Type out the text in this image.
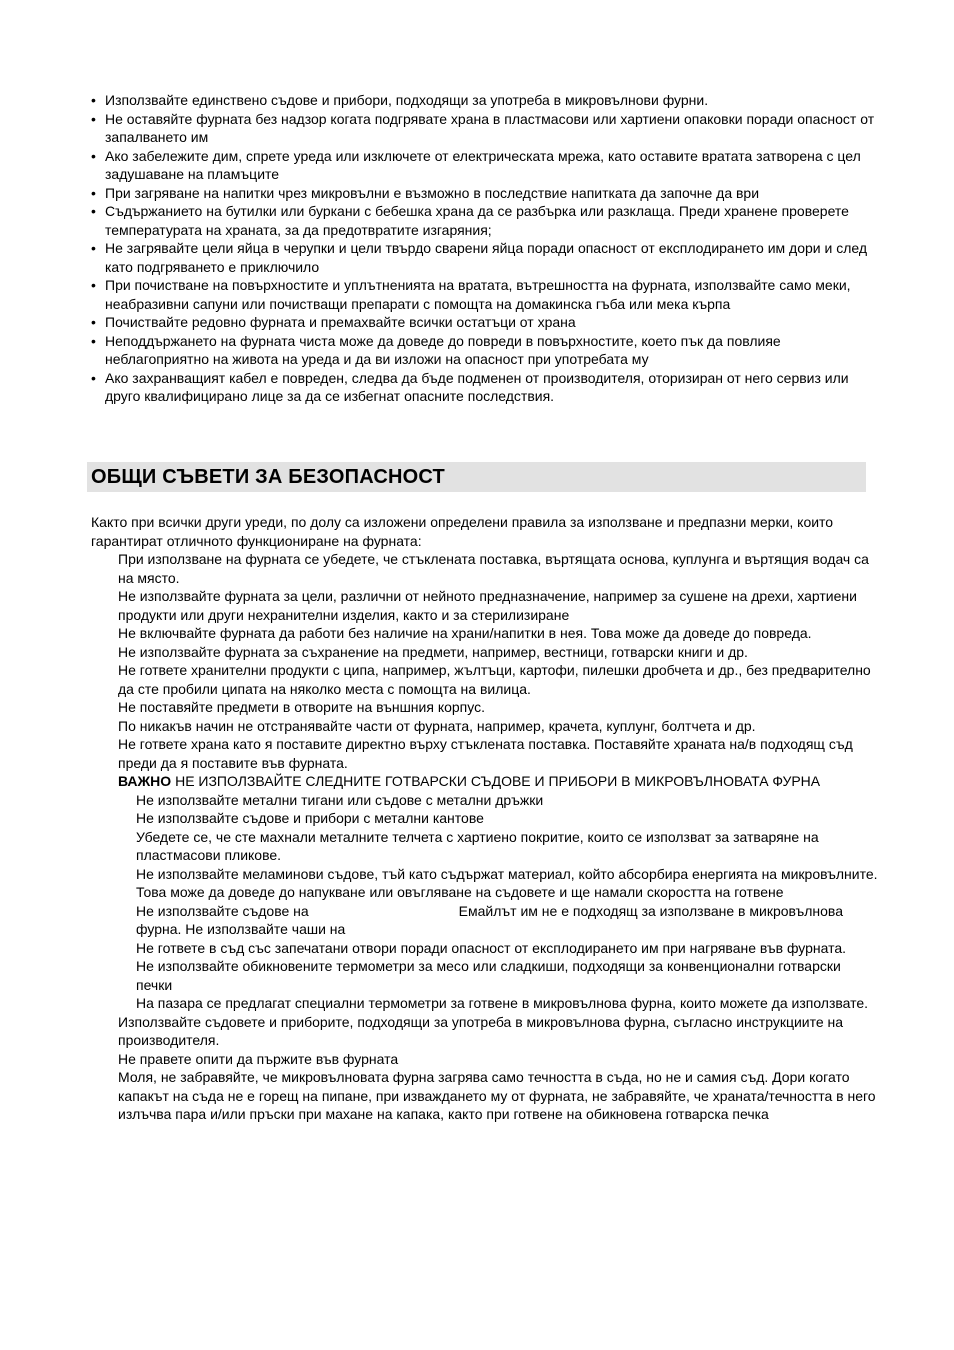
• Използвайте единствено съдове и прибори, подходящи за употреба в микровълнови фурни.
• Не оставяйте фурната без надзор когата подгрявате храна в пластмасови или хартиени опаковки поради опасност от запалването им
• Ако забележите дим, спрете уреда или изключете от електрическата мрежа, като оставите вратата затворена с цел задушаване на пламъците
• При загряване на напитки чрез микровълни е възможно в последствие напитката да започне да ври
• Съдържанието на бутилки или буркани с бебешка храна да се разбърка или разклаща. Преди хранене проверете температурата на храната, за да предотвратите изгаряния;
• Не загрявайте цели яйца в черупки и цели твърдо сварени яйца поради опасност от експлодирането им дори и след като подгряването е приключило
• При почистване на повърхностите и уплътненията на вратата, вътрешността на фурната, използвайте само меки, неабразивни сапуни или почистващи препарати с помощта на домакинска гъба или мека кърпа
• Почиствайте редовно фурната и премахвайте всички остатъци от храна
• Неподдържането на фурната чиста може да доведе до повреди в повърхностите, което пък да повлияе неблагоприятно на живота на уреда и да ви изложи на опасност при употребата му
• Ако захранващият кабел е повреден, следва да бъде подменен от производителя, оторизиран от него сервиз или друго квалифицирано лице за да се избегнат опасните последствия.
ОБЩИ СЪВЕТИ ЗА БЕЗОПАСНОСТ
Както при всички други уреди, по долу са изложени определени правила за използване и предпазни мерки, които гарантират отличното функциониране на фурната:

При използване на фурната се убедете, че стъклената поставка, въртящата основа, куплунга и въртящия водач са на място.

Не използвайте фурната за цели, различни от нейното предназначение, например за сушене на дрехи, хартиени продукти или други нехранителни изделия, както и за стерилизиране

Не включвайте фурната да работи без наличие на храни/напитки в нея. Това може да доведе до повреда.

Не използвайте фурната за съхранение на предмети, например, вестници, готварски книги и др.

Не гответе хранителни продукти с ципа, например, жълтъци, картофи, пилешки дробчета и др., без предварително да сте пробили ципата на няколко места с помощта на вилица.

Не поставяйте предмети в отворите на външния корпус.

По никакъв начин не отстранявайте части от фурната, например, крачета, куплунг, болтчета и др.

Не гответе храна като я поставите директно върху стъклената поставка. Поставяйте храната на/в подходящ съд преди да я поставите във фурната.

ВАЖНО НЕ ИЗПОЛЗВАЙТЕ СЛЕДНИТЕ ГОТВАРСКИ СЪДОВЕ И ПРИБОРИ В МИКРОВЪЛНОВАТА ФУРНА

Не използвайте метални тигани или съдове с метални дръжки

Не използвайте съдове и прибори с метални кантове

Убедете се, че сте махнали металните телчета с хартиено покритие, които се използват за затваряне на пластмасови пликове.

Не използвайте меламинови съдове, тъй като съдържат материал, който абсорбира енергията на микровълните. Това може да доведе до напукване или овъгляване на съдовете и ще намали скоростта на готвене

Не използвайте съдове на	Емайлът им не е подходящ за използване в микровълнова фурна. Не използвайте чаши на

Не гответе в съд със запечатани отвори поради опасност от експлодирането им при нагряване във фурната.

Не използвайте обикновените термометри за месо или сладкиши, подходящи за конвенционални готварски печки

На пазара се предлагат специални термометри за готвене в микровълнова фурна, които можете да използвате.

Използвайте съдовете и приборите, подходящи за употреба в микровълнова фурна, съгласно инструкциите на производителя.

Не правете опити да пържите във фурната

Моля, не забравяйте, че микровълновата фурна загрява само течността в съда, но не и самия съд. Дори когато капакът на съда не е горещ на пипане, при изваждането му от фурната, не забравяйте, че храната/течността в него излъчва пара и/или пръски при махане на капака, както при готвене на обикновена готварска печка
